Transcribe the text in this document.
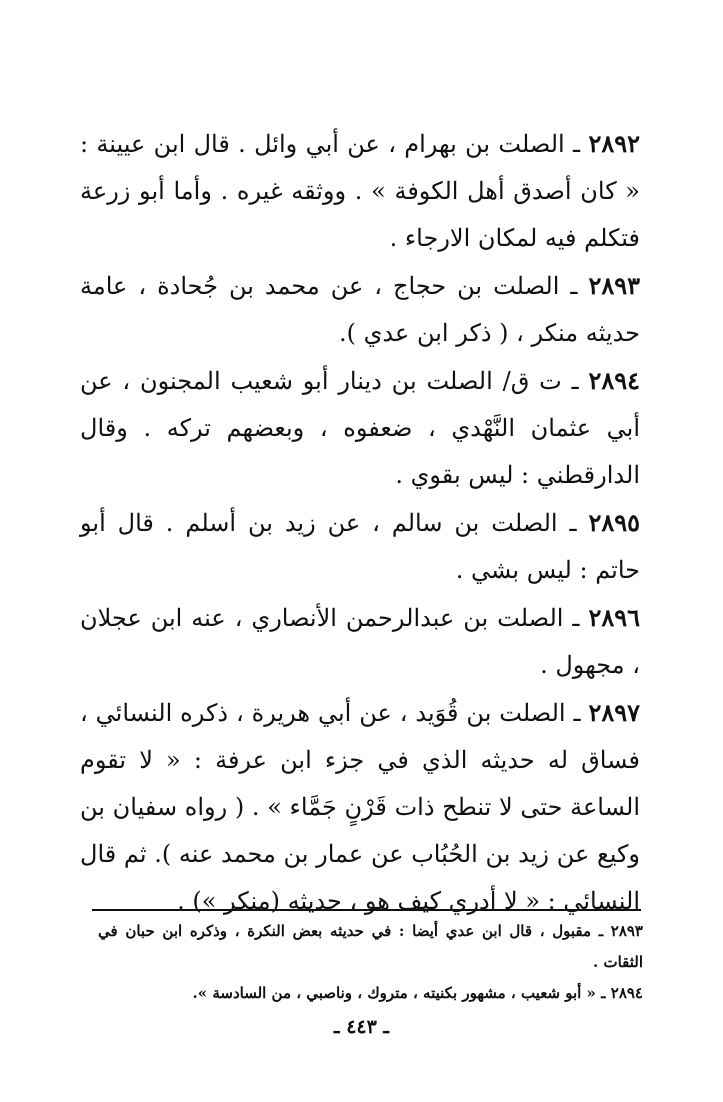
٢٨٩٢ ـ الصلت بن بهرام ، عن أبي وائل . قال ابن عيينة : « كان أصدق أهل الكوفة » . ووثقه غيره . وأما أبو زرعة فتكلم فيه لمكان الارجاء .

٢٨٩٣ ـ الصلت بن حجاج ، عن محمد بن جُحادة ، عامة حديثه منكر ، ( ذكر ابن عدي ).

٢٨٩٤ ـ ت ق/ الصلت بن دينار أبو شعيب المجنون ، عن أبي عثمان النَّهْدي ، ضعفوه ، وبعضهم تركه . وقال الدارقطني : ليس بقوي .

٢٨٩٥ ـ الصلت بن سالم ، عن زيد بن أسلم . قال أبو حاتم : ليس بشي .

٢٨٩٦ ـ الصلت بن عبدالرحمن الأنصاري ، عنه ابن عجلان ، مجهول .

٢٨٩٧ ـ الصلت بن قُوَيد ، عن أبي هريرة ، ذكره النسائي ، فساق له حديثه الذي في جزء ابن عرفة : « لا تقوم الساعة حتى لا تنطح ذات قَرْنٍ جَمَّاء » . ( رواه سفيان بن وكيع عن زيد بن الحُبُاب عن عمار بن محمد عنه ). ثم قال النسائي : « لا أدري كيف هو ، حديثه (منكر ») .

٢٨٩٣ ـ مقبول ، قال ابن عدي أيضا : في حديثه بعض النكرة ، وذكره ابن حبان في الثقات .

٢٨٩٤ ـ « أبو شعيب ، مشهور بكنيته ، متروك ، وناصبي ، من السادسة ».

ـ ٤٤٣ ـ
